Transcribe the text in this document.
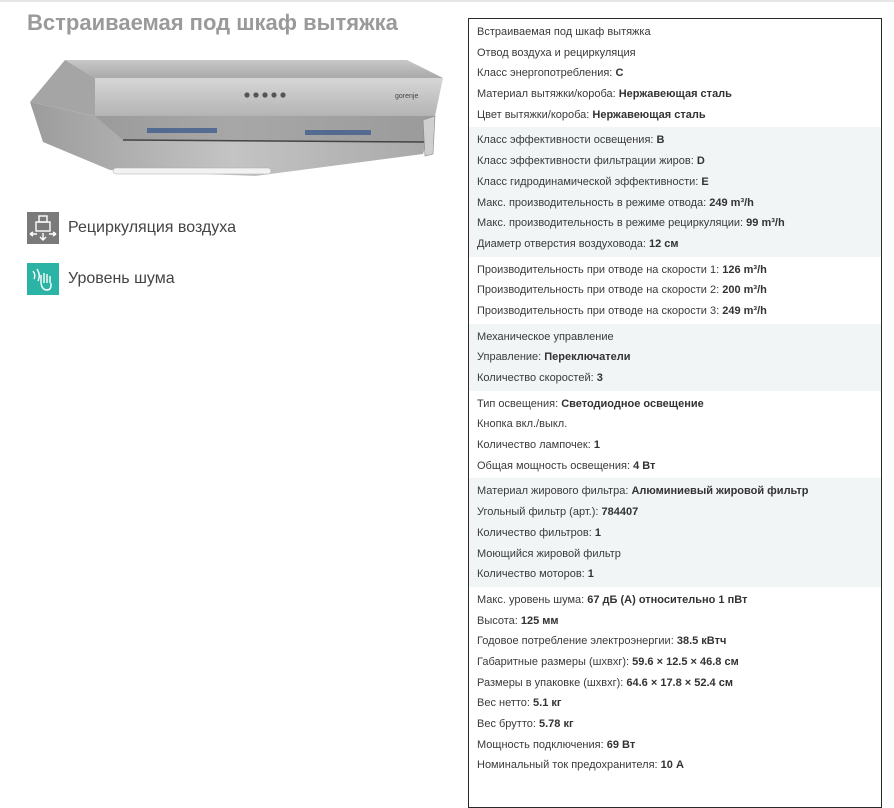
Встраиваемая под шкаф вытяжка
gorenje
Рециркуляция воздуха
Уровень шума
Встраиваемая под шкаф вытяжка
Отвод воздуха и рециркуляция
Класс энергопотребления: C
Материал вытяжки/короба: Нержавеющая сталь
Цвет вытяжки/короба: Нержавеющая сталь
Класс эффективности освещения: B
Класс эффективности фильтрации жиров: D
Класс гидродинамической эффективности: E
Макс. производительность в режиме отвода: 249 m³/h
Макс. производительность в режиме рециркуляции: 99 m³/h
Диаметр отверстия воздуховода: 12 см
Производительность при отводе на скорости 1: 126 m³/h
Производительность при отводе на скорости 2: 200 m³/h
Производительность при отводе на скорости 3: 249 m³/h
Механическое управление
Управление: Переключатели
Количество скоростей: 3
Тип освещения: Светодиодное освещение
Кнопка вкл./выкл.
Количество лампочек: 1
Общая мощность освещения: 4 Вт
Материал жирового фильтра: Алюминиевый жировой фильтр
Угольный фильтр (арт.): 784407
Количество фильтров: 1
Моющийся жировой фильтр
Количество моторов: 1
Макс. уровень шума: 67 дБ (A) относительно 1 пВт
Высота: 125 мм
Годовое потребление электроэнергии: 38.5 кВтч
Габаритные размеры (шхвхг): 59.6 × 12.5 × 46.8 см
Размеры в упаковке (шхвхг): 64.6 × 17.8 × 52.4 см
Вес нетто: 5.1 кг
Вес брутто: 5.78 кг
Мощность подключения: 69 Вт
Номинальный ток предохранителя: 10 A
